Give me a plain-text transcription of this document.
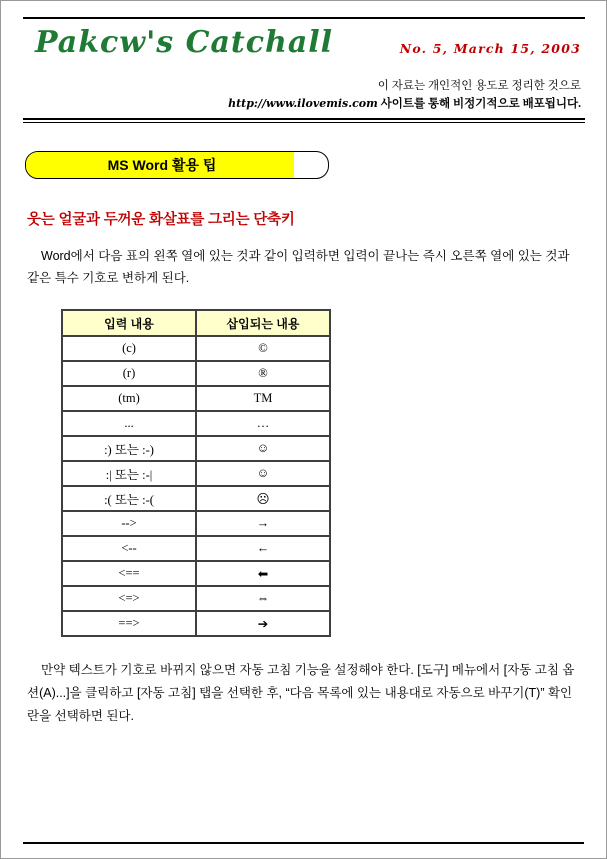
Pakcw's Catchall	No. 5, March 15, 2003
이 자료는 개인적인 용도로 정리한 것으로
http://www.ilovemis.com 사이트를 통해 비정기적으로 배포됩니다.
MS Word 활용 팁
웃는 얼굴과 두꺼운 화살표를 그리는 단축키
Word에서 다음 표의 왼쪽 열에 있는 것과 같이 입력하면 입력이 끝나는 즉시 오른쪽 열에 있는 것과 같은 특수 기호로 변하게 된다.
입력 내용	삽입되는 내용
(c)	©
(r)	®
(tm)	TM
...	…
:) 또는 :-)	☺
:| 또는 :-|	☺
:( 또는 :-(	☹
-->	→
<--	←
<==	⬅
<=>	⇔
==>	➔
만약 텍스트가 기호로 바뀌지 않으면 자동 고침 기능을 설정해야 한다. [도구] 메뉴에서 [자동 고침 옵션(A)...]을 클릭하고 [자동 고침] 탭을 선택한 후, “다음 목록에 있는 내용대로 자동으로 바꾸기(T)” 확인란을 선택하면 된다.
